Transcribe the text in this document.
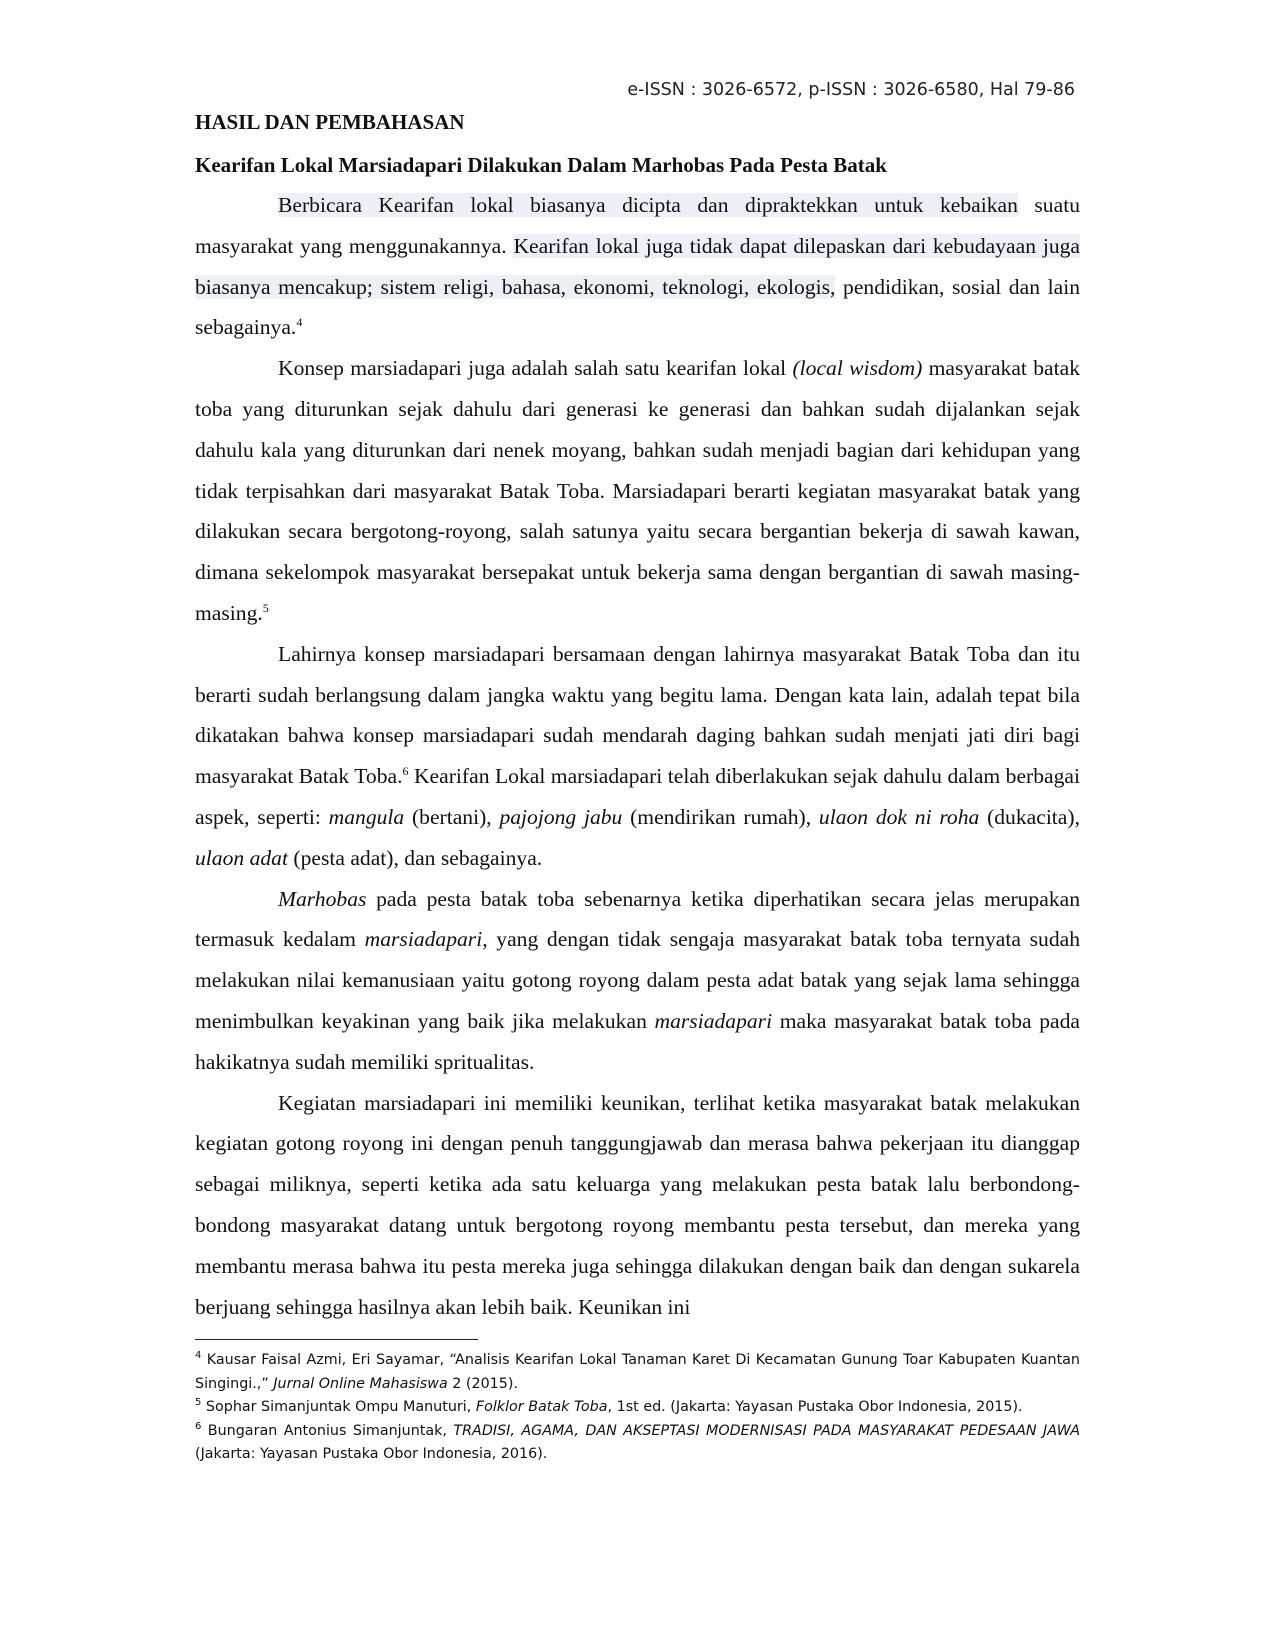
e-ISSN : 3026-6572, p-ISSN : 3026-6580, Hal 79-86
HASIL DAN PEMBAHASAN
Kearifan Lokal Marsiadapari Dilakukan Dalam Marhobas Pada Pesta Batak

Berbicara Kearifan lokal biasanya dicipta dan dipraktekkan untuk kebaikan suatu masyarakat yang menggunakannya. Kearifan lokal juga tidak dapat dilepaskan dari kebudayaan juga biasanya mencakup; sistem religi, bahasa, ekonomi, teknologi, ekologis, pendidikan, sosial dan lain sebagainya.$^4$

Konsep marsiadapari juga adalah salah satu kearifan lokal (local wisdom) masyarakat batak toba yang diturunkan sejak dahulu dari generasi ke generasi dan bahkan sudah dijalankan sejak dahulu kala yang diturunkan dari nenek moyang, bahkan sudah menjadi bagian dari kehidupan yang tidak terpisahkan dari masyarakat Batak Toba. Marsiadapari berarti kegiatan masyarakat batak yang dilakukan secara bergotong-royong, salah satunya yaitu secara bergantian bekerja di sawah kawan, dimana sekelompok masyarakat bersepakat untuk bekerja sama dengan bergantian di sawah masing-masing.$^5$

Lahirnya konsep marsiadapari bersamaan dengan lahirnya masyarakat Batak Toba dan itu berarti sudah berlangsung dalam jangka waktu yang begitu lama. Dengan kata lain, adalah tepat bila dikatakan bahwa konsep marsiadapari sudah mendarah daging bahkan sudah menjati jati diri bagi masyarakat Batak Toba.$^6$ Kearifan Lokal marsiadapari telah diberlakukan sejak dahulu dalam berbagai aspek, seperti: mangula (bertani), pajojong jabu (mendirikan rumah), ulaon dok ni roha (dukacita), ulaon adat (pesta adat), dan sebagainya.

Marhobas pada pesta batak toba sebenarnya ketika diperhatikan secara jelas merupakan termasuk kedalam marsiadapari, yang dengan tidak sengaja masyarakat batak toba ternyata sudah melakukan nilai kemanusiaan yaitu gotong royong dalam pesta adat batak yang sejak lama sehingga menimbulkan keyakinan yang baik jika melakukan marsiadapari maka masyarakat batak toba pada hakikatnya sudah memiliki spritualitas.

Kegiatan marsiadapari ini memiliki keunikan, terlihat ketika masyarakat batak melakukan kegiatan gotong royong ini dengan penuh tanggungjawab dan merasa bahwa pekerjaan itu dianggap sebagai miliknya, seperti ketika ada satu keluarga yang melakukan pesta batak lalu berbondong-bondong masyarakat datang untuk bergotong royong membantu pesta tersebut, dan mereka yang membantu merasa bahwa itu pesta mereka juga sehingga dilakukan dengan baik dan dengan sukarela berjuang sehingga hasilnya akan lebih baik. Keunikan ini

$^4$ Kausar Faisal Azmi, Eri Sayamar, “Analisis Kearifan Lokal Tanaman Karet Di Kecamatan Gunung Toar Kabupaten Kuantan Singingi.,” Jurnal Online Mahasiswa 2 (2015).

$^5$ Sophar Simanjuntak Ompu Manuturi, Folklor Batak Toba, 1st ed. (Jakarta: Yayasan Pustaka Obor Indonesia, 2015).

$^6$ Bungaran Antonius Simanjuntak, TRADISI, AGAMA, DAN AKSEPTASI MODERNISASI PADA MASYARAKAT PEDESAAN JAWA (Jakarta: Yayasan Pustaka Obor Indonesia, 2016).
